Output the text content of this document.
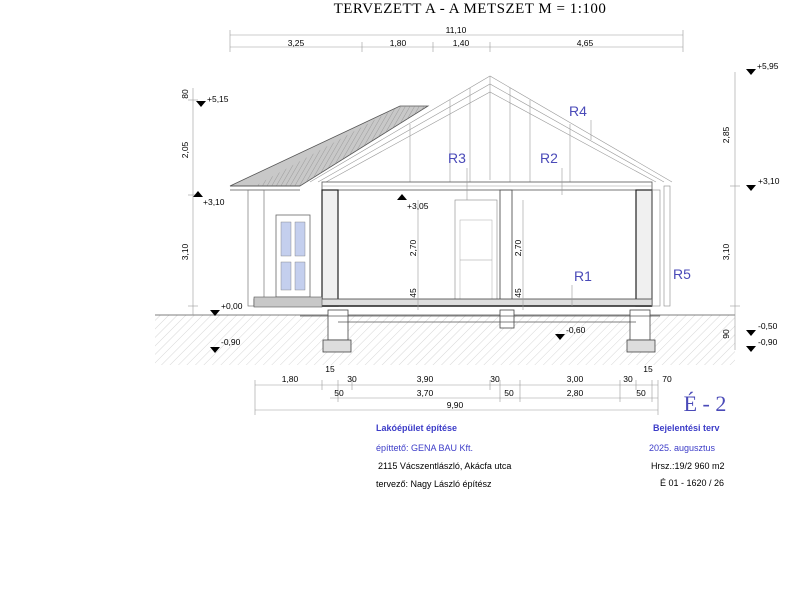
TERVEZETT A - A METSZET M = 1:100
11,10
3,25	1,80	1,40	4,65
80
2,05
3,10
2,85
3,10
90
2,70	2,70
45	45
+5,15
+3,10
+0,00
-0,90
+3,05
-0,60
+5,95
+3,10
-0,50
-0,90
R4
R3	R2
R1	R5
1,80
15
30	3,90	30	3,00	30
15
70
50	3,70	50	2,80	50
9,90	É - 2
Lakóépület építése	Bejelentési terv
építtető: GENA BAU Kft.	2025. augusztus
2115 Vácszentlászló, Akácfa utca	Hrsz.:19/2 960 m2
tervező: Nagy László építész	É 01 - 1620 / 26
